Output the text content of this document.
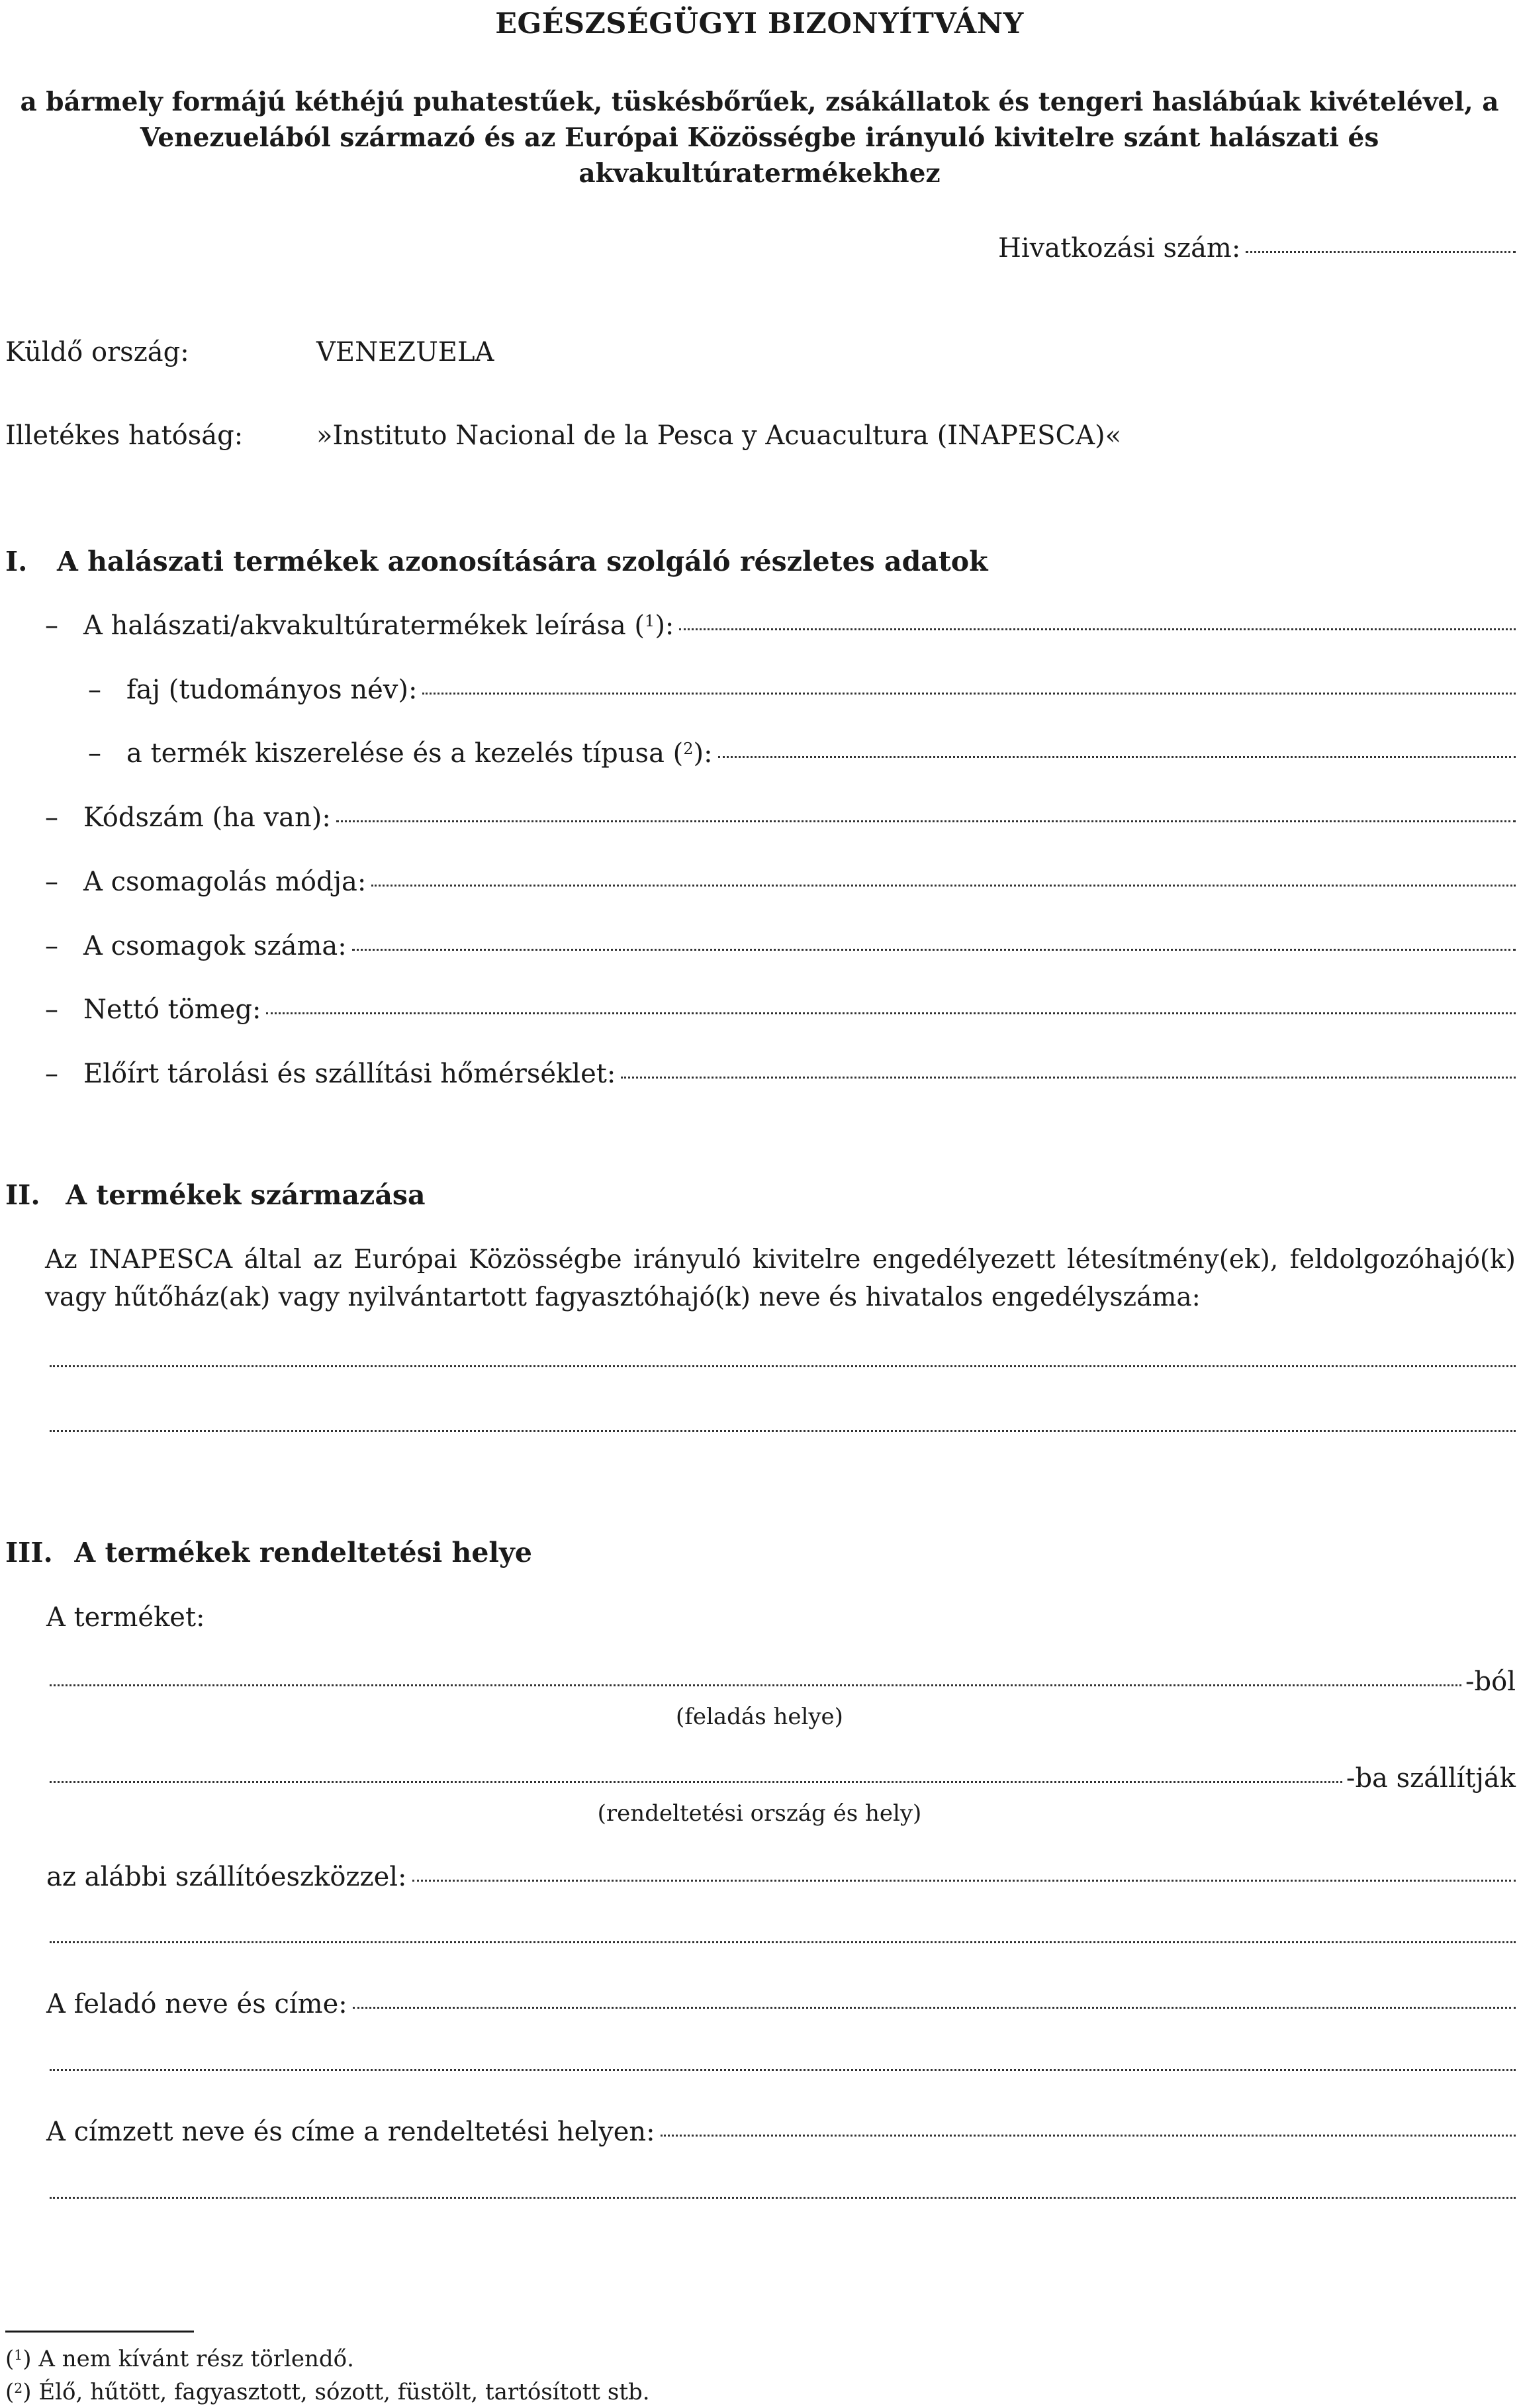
EGÉSZSÉGÜGYI BIZONYÍTVÁNY
a bármely formájú kéthéjú puhatestűek, tüskésbőrűek, zsákállatok és tengeri haslábúak kivételével, a Venezuelából származó és az Európai Közösségbe irányuló kivitelre szánt halászati és akvakultúratermékekhez
Hivatkozási szám:
Küldő ország:	VENEZUELA
Illetékes hatóság:	»Instituto Nacional de la Pesca y Acuacultura (INAPESCA)«
I. A halászati termékek azonosítására szolgáló részletes adatok
– A halászati/akvakultúratermékek leírása ($^1$):
– faj (tudományos név):
– a termék kiszerelése és a kezelés típusa ($^2$):
– Kódszám (ha van):
– A csomagolás módja:
– A csomagok száma:
– Nettó tömeg:
– Előírt tárolási és szállítási hőmérséklet:
II. A termékek származása
Az INAPESCA által az Európai Közösségbe irányuló kivitelre engedélyezett létesítmény(ek), feldolgozóhajó(k) vagy hűtőház(ak) vagy nyilvántartott fagyasztóhajó(k) neve és hivatalos engedélyszáma:
III. A termékek rendeltetési helye
A terméket:
-ból
(feladás helye)
-ba szállítják
(rendeltetési ország és hely)
az alábbi szállítóeszközzel:
A feladó neve és címe:
A címzett neve és címe a rendeltetési helyen:
($^1$) A nem kívánt rész törlendő.
($^2$) Élő, hűtött, fagyasztott, sózott, füstölt, tartósított stb.
